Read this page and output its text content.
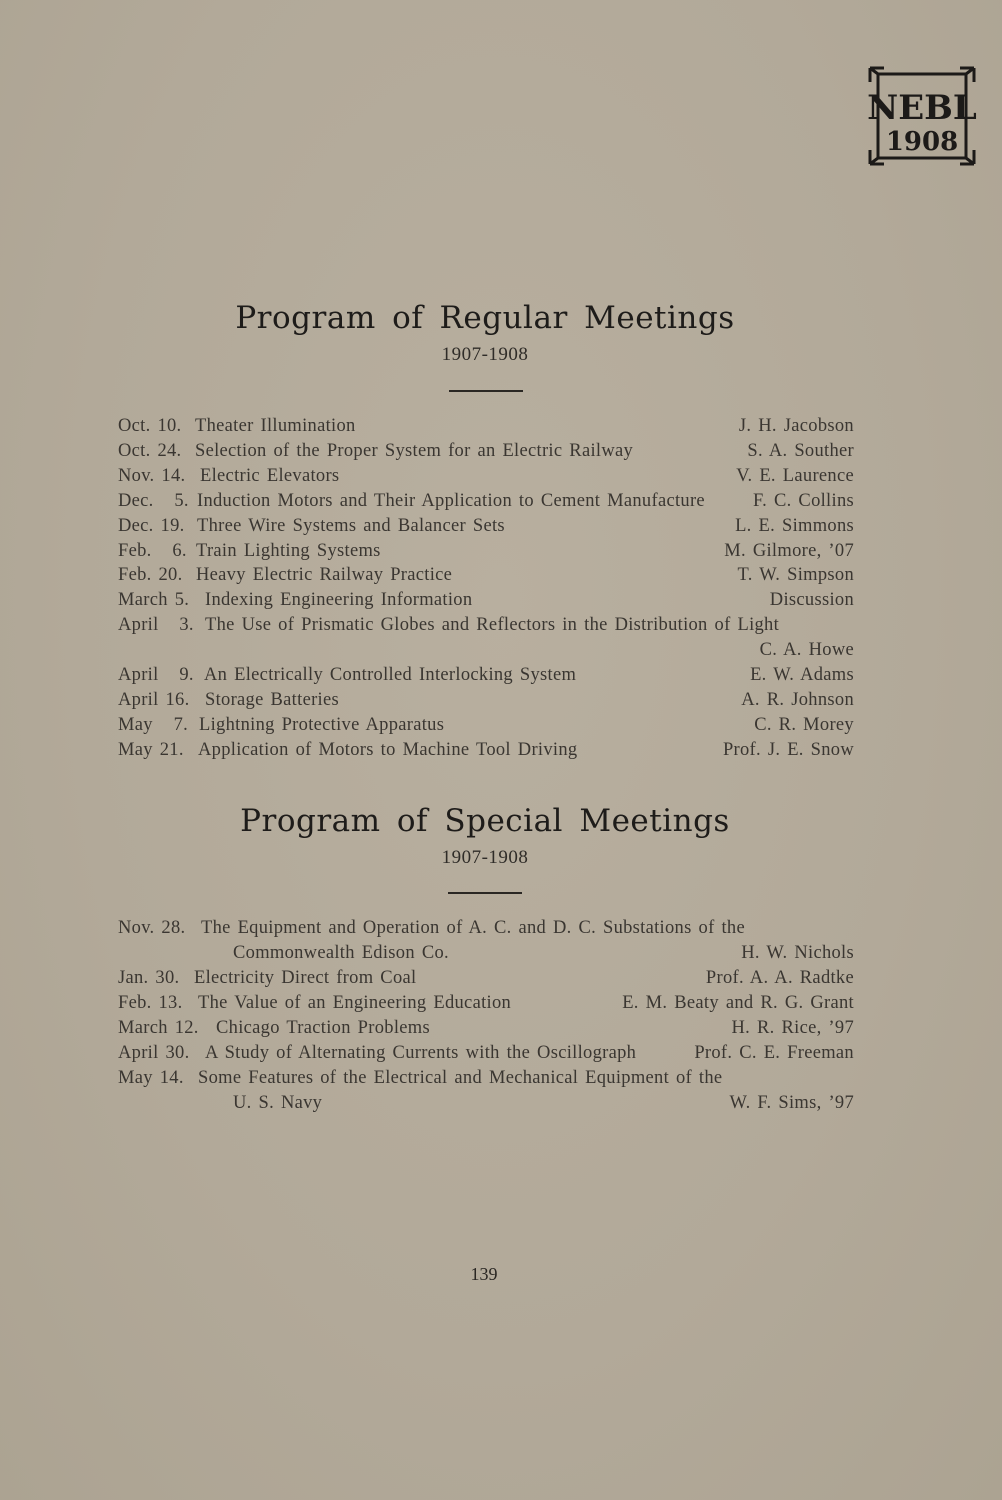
NEBL
1908
Program of Regular Meetings
1907-1908
Oct. 10. Theater Illumination	J. H. Jacobson
Oct. 24. Selection of the Proper System for an Electric Railway	S. A. Souther
Nov. 14. Electric Elevators	V. E. Laurence
Dec.   5. Induction Motors and Their Application to Cement Manufacture	F. C. Collins
Dec. 19. Three Wire Systems and Balancer Sets	L. E. Simmons
Feb.   6. Train Lighting Systems	M. Gilmore, ’07
Feb. 20. Heavy Electric Railway Practice	T. W. Simpson
March 5. Indexing Engineering Information	Discussion
April   3. The Use of Prismatic Globes and Reflectors in the Distribution of Light
C. A. Howe
April   9. An Electrically Controlled Interlocking System	E. W. Adams
April 16. Storage Batteries	A. R. Johnson
May   7. Lightning Protective Apparatus	C. R. Morey
May 21. Application of Motors to Machine Tool Driving	Prof. J. E. Snow
Program of Special Meetings
1907-1908
Nov. 28. The Equipment and Operation of A. C. and D. C. Substations of the
Commonwealth Edison Co.	H. W. Nichols
Jan. 30. Electricity Direct from Coal	Prof. A. A. Radtke
Feb. 13. The Value of an Engineering Education	E. M. Beaty and R. G. Grant
March 12. Chicago Traction Problems	H. R. Rice, ’97
April 30. A Study of Alternating Currents with the Oscillograph	Prof. C. E. Freeman
May 14. Some Features of the Electrical and Mechanical Equipment of the
U. S. Navy	W. F. Sims, ’97
139
